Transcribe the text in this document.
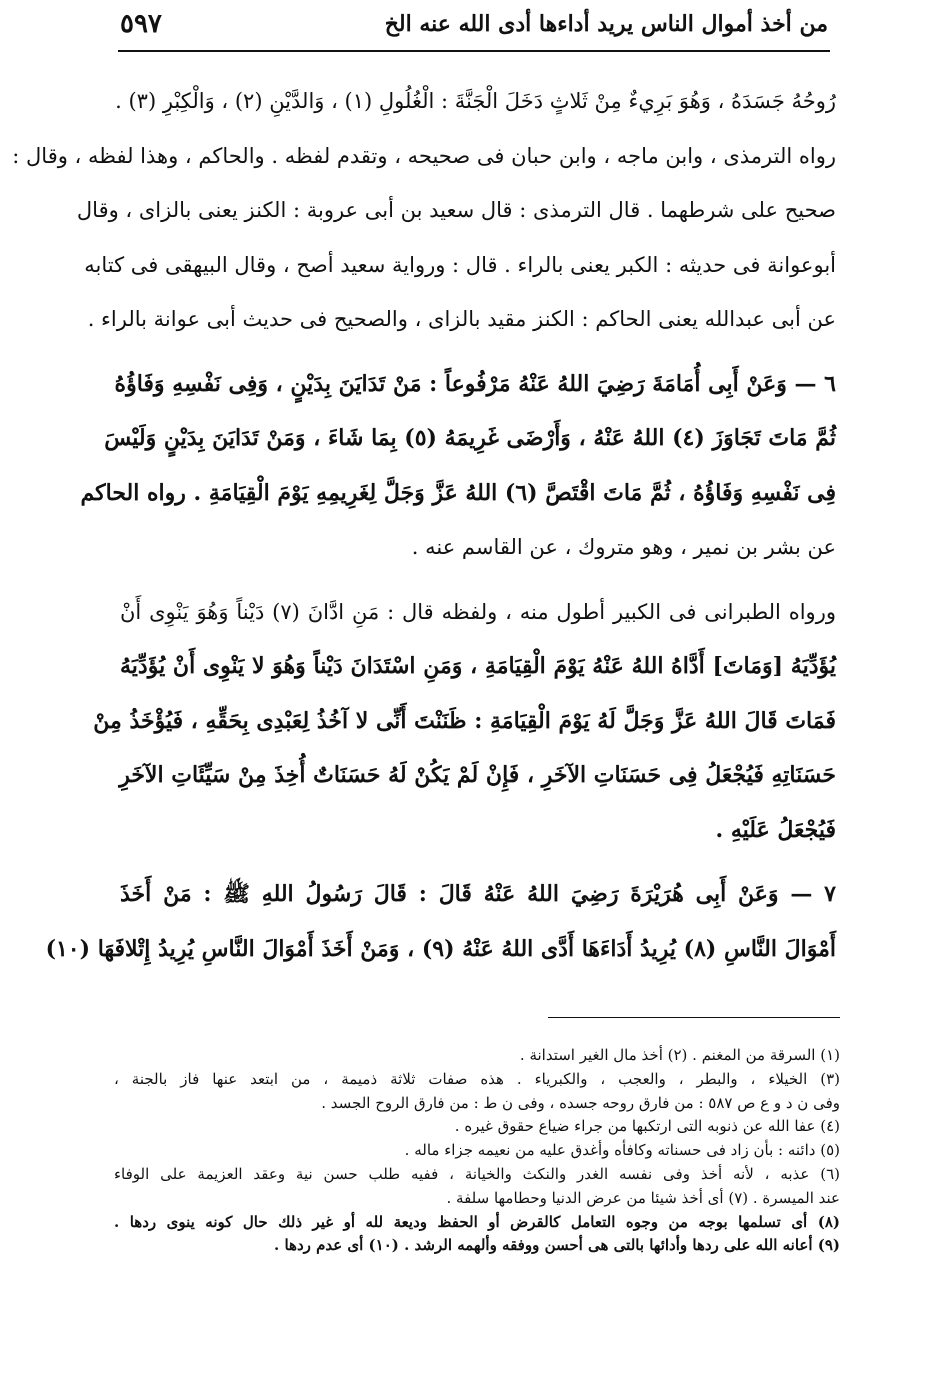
من أخذ أموال الناس يريد أداءها أدى الله عنه الخ
٥٩٧
رُوحُهُ جَسَدَهُ ، وَهُوَ بَرِيءٌ مِنْ ثَلاثٍ دَخَلَ الْجَنَّةَ : الْغُلُولِ (١) ، وَالدَّيْنِ (٢) ، وَالْكِبْرِ (٣) .
رواه الترمذى ، وابن ماجه ، وابن حبان فى صحيحه ، وتقدم لفظه . والحاكم ، وهذا لفظه ، وقال :
صحيح على شرطهما . قال الترمذى : قال سعيد بن أبى عروبة : الكنز يعنى بالزاى ، وقال
أبوعوانة فى حديثه : الكبر يعنى بالراء . قال : ورواية سعيد أصح ، وقال البيهقى فى كتابه
عن أبى عبدالله يعنى الحاكم : الكنز مقيد بالزاى ، والصحيح فى حديث أبى عوانة بالراء .
٦ — وَعَنْ أَبِى أُمَامَةَ رَضِيَ اللهُ عَنْهُ مَرْفُوعاً : مَنْ تَدَايَنَ بِدَيْنٍ ، وَفِى نَفْسِهِ وَفَاؤُهُ
ثُمَّ مَاتَ تَجَاوَزَ (٤) اللهُ عَنْهُ ، وَأَرْضَى غَرِيمَهُ (٥) بِمَا شَاءَ ، وَمَنْ تَدَايَنَ بِدَيْنٍ وَلَيْسَ
فِى نَفْسِهِ وَفَاؤُهُ ، ثُمَّ مَاتَ اقْتَصَّ (٦) اللهُ عَزَّ وَجَلَّ لِغَرِيمِهِ يَوْمَ الْقِيَامَةِ . رواه الحاكم
عن بشر بن نمير ، وهو متروك ، عن القاسم عنه .
ورواه الطبرانى فى الكبير أطول منه ، ولفظه قال : مَنِ ادَّانَ (٧) دَيْناً وَهُوَ يَنْوِى أَنْ
يُؤَدِّيَهُ [وَمَاتَ] أَدَّاهُ اللهُ عَنْهُ يَوْمَ الْقِيَامَةِ ، وَمَنِ اسْتَدَانَ دَيْناً وَهُوَ لا يَنْوِى أَنْ يُؤَدِّيَهُ
فَمَاتَ قَالَ اللهُ عَزَّ وَجَلَّ لَهُ يَوْمَ الْقِيَامَةِ : ظَنَنْتَ أَنِّى لا آخُذُ لِعَبْدِى بِحَقِّهِ ، فَيُؤْخَذُ مِنْ
حَسَنَاتِهِ فَيُجْعَلُ فِى حَسَنَاتِ الآخَرِ ، فَإِنْ لَمْ يَكُنْ لَهُ حَسَنَاتٌ أُخِذَ مِنْ سَيِّئَاتِ الآخَرِ
فَيُجْعَلُ عَلَيْهِ .
٧ — وَعَنْ أَبِى هُرَيْرَةَ رَضِيَ اللهُ عَنْهُ قَالَ : قَالَ رَسُولُ اللهِ ﷺ : مَنْ أَخَذَ
أَمْوَالَ النَّاسِ (٨) يُرِيدُ أَدَاءَهَا أَدَّى اللهُ عَنْهُ (٩) ، وَمَنْ أَخَذَ أَمْوَالَ النَّاسِ يُرِيدُ إِتْلافَهَا (١٠)
(١) السرقة من المغنم . (٢) أخذ مال الغير استدانة .
(٣) الخيلاء ، والبطر ، والعجب ، والكبرياء . هذه صفات ثلاثة ذميمة ، من ابتعد عنها فاز بالجنة ،
وفى ن د و ع ص ٥٨٧ : من فارق روحه جسده ، وفى ن ط : من فارق الروح الجسد .
(٤) عفا الله عن ذنوبه التى ارتكبها من جراء ضياع حقوق غيره .
(٥) دائنه : بأن زاد فى حسناته وكافأه وأغدق عليه من نعيمه جزاء ماله .
(٦) عذبه ، لأنه أخذ وفى نفسه الغدر والنكث والخيانة ، ففيه طلب حسن نية وعقد العزيمة على الوفاء
عند الميسرة . (٧) أى أخذ شيئا من عرض الدنيا وحطامها سلفة .
(٨) أى تسلمها بوجه من وجوه التعامل كالقرض أو الحفظ وديعة لله أو غير ذلك حال كونه ينوى ردها .
(٩) أعانه الله على ردها وأدائها بالتى هى أحسن ووفقه وألهمه الرشد . (١٠) أى عدم ردها .
